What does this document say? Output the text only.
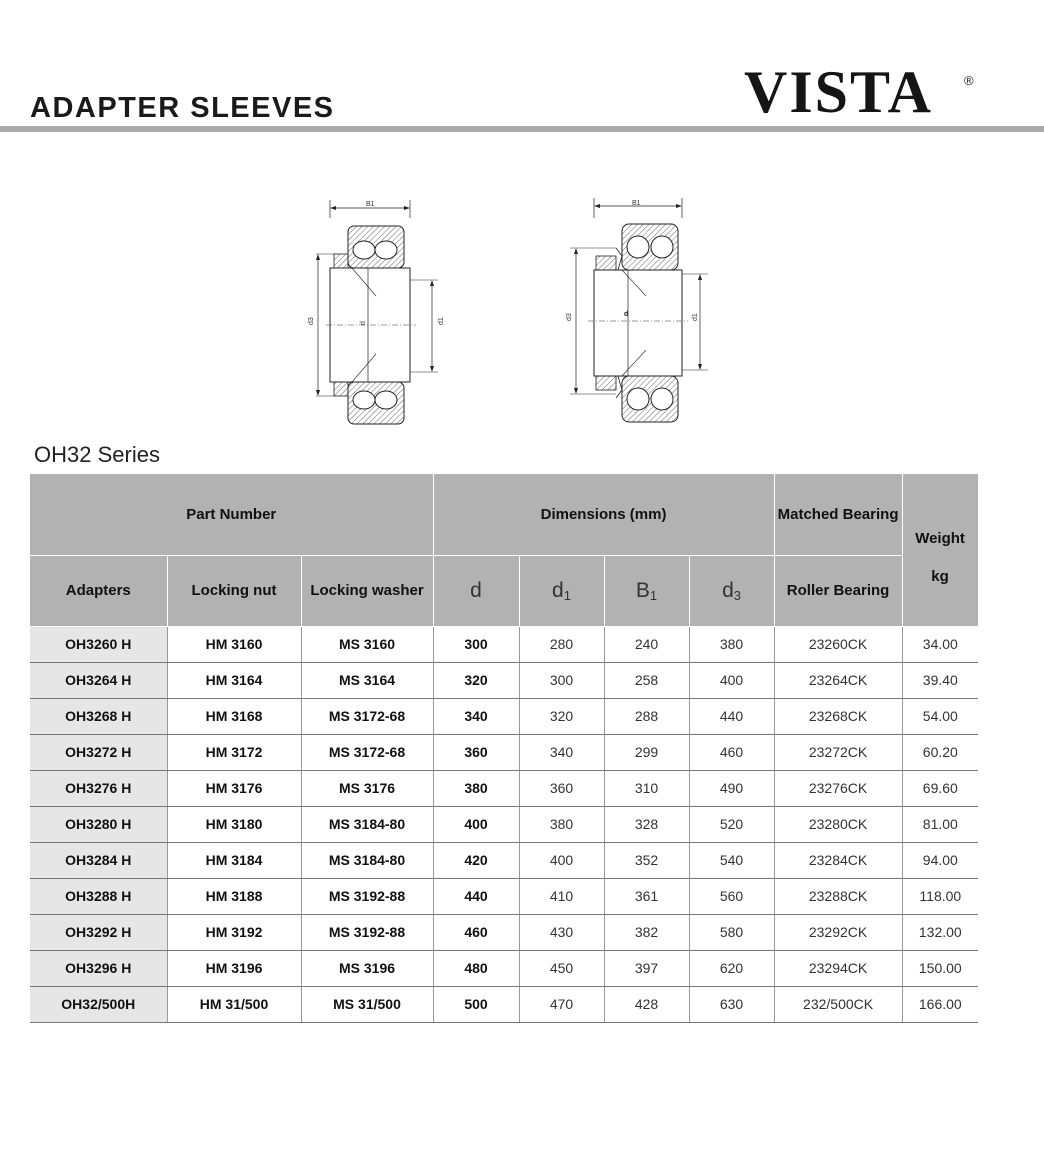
ADAPTER SLEEVES	VISTA ®
B1
d3	d	d1
B1
d3	d	d1
OH32 Series
Part Number			Dimensions (mm)				Matched Bearing	Weight
kg
Adapters	Locking nut	Locking washer	d	$d_1$	$B_1$	$d_3$	Roller Bearing	
OH3260 H	HM 3160	MS 3160	300	280	240	380	23260CK	34.00
OH3264 H	HM 3164	MS 3164	320	300	258	400	23264CK	39.40
OH3268 H	HM 3168	MS 3172-68	340	320	288	440	23268CK	54.00
OH3272 H	HM 3172	MS 3172-68	360	340	299	460	23272CK	60.20
OH3276 H	HM 3176	MS 3176	380	360	310	490	23276CK	69.60
OH3280 H	HM 3180	MS 3184-80	400	380	328	520	23280CK	81.00
OH3284 H	HM 3184	MS 3184-80	420	400	352	540	23284CK	94.00
OH3288 H	HM 3188	MS 3192-88	440	410	361	560	23288CK	118.00
OH3292 H	HM 3192	MS 3192-88	460	430	382	580	23292CK	132.00
OH3296 H	HM 3196	MS 3196	480	450	397	620	23294CK	150.00
OH32/500H	HM 31/500	MS 31/500	500	470	428	630	232/500CK	166.00
